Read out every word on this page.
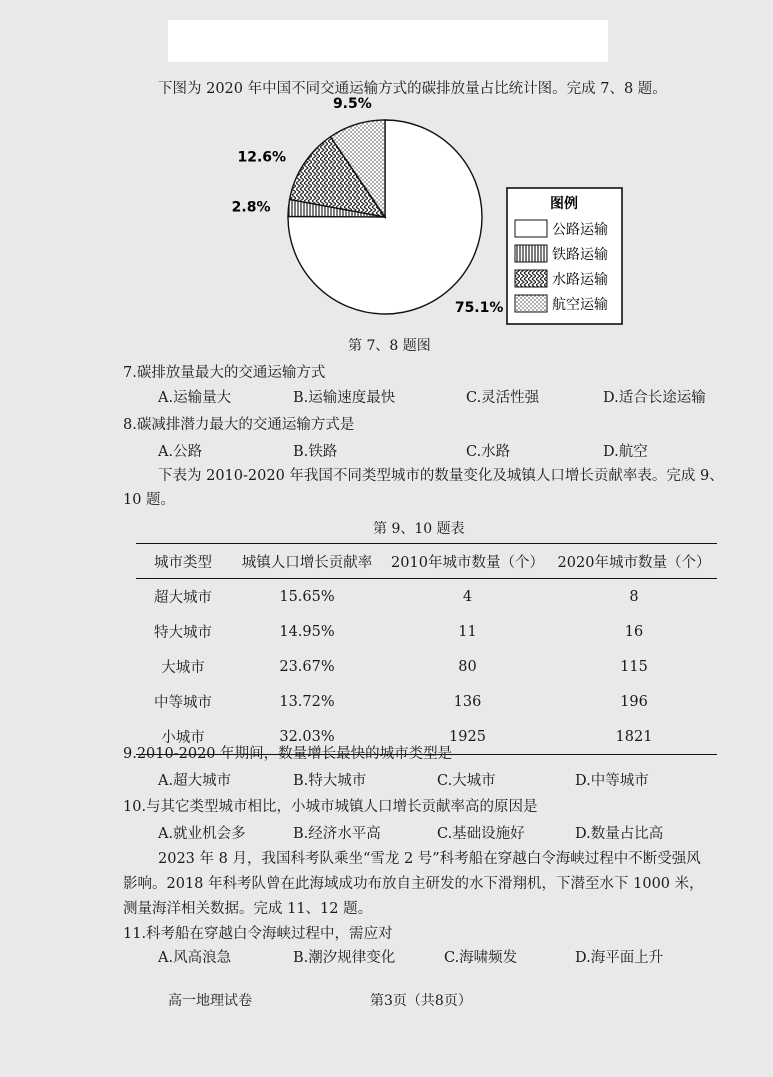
下图为 2020 年中国不同交通运输方式的碳排放量占比统计图。完成 7、8 题。
75.1%
2.8%
12.6%
9.5%
图例
公路运输
铁路运输
水路运输
航空运输
第 7、8 题图
7.碳排放量最大的交通运输方式
A.运输量大	B.运输速度最快	C.灵活性强	D.适合长途运输
8.碳减排潜力最大的交通运输方式是
A.公路	B.铁路	C.水路	D.航空
下表为 2010-2020 年我国不同类型城市的数量变化及城镇人口增长贡献率表。完成 9、
10 题。
第 9、10 题表
城市类型	城镇人口增长贡献率	2010年城市数量（个）	2020年城市数量（个）
超大城市	15.65%	4	8
特大城市	14.95%	11	16
大城市	23.67%	80	115
中等城市	13.72%	136	196
小城市	32.03%	1925	1821
9.2010-2020 年期间，数量增长最快的城市类型是
A.超大城市	B.特大城市	C.大城市	D.中等城市
10.与其它类型城市相比，小城市城镇人口增长贡献率高的原因是
A.就业机会多	B.经济水平高	C.基础设施好	D.数量占比高
2023 年 8 月，我国科考队乘坐“雪龙 2 号”科考船在穿越白令海峡过程中不断受强风
影响。2018 年科考队曾在此海域成功布放自主研发的水下滑翔机，下潜至水下 1000 米，
测量海洋相关数据。完成 11、12 题。
11.科考船在穿越白令海峡过程中，需应对
A.风高浪急	B.潮汐规律变化	C.海啸频发	D.海平面上升
高一地理试卷	第3页（共8页）
